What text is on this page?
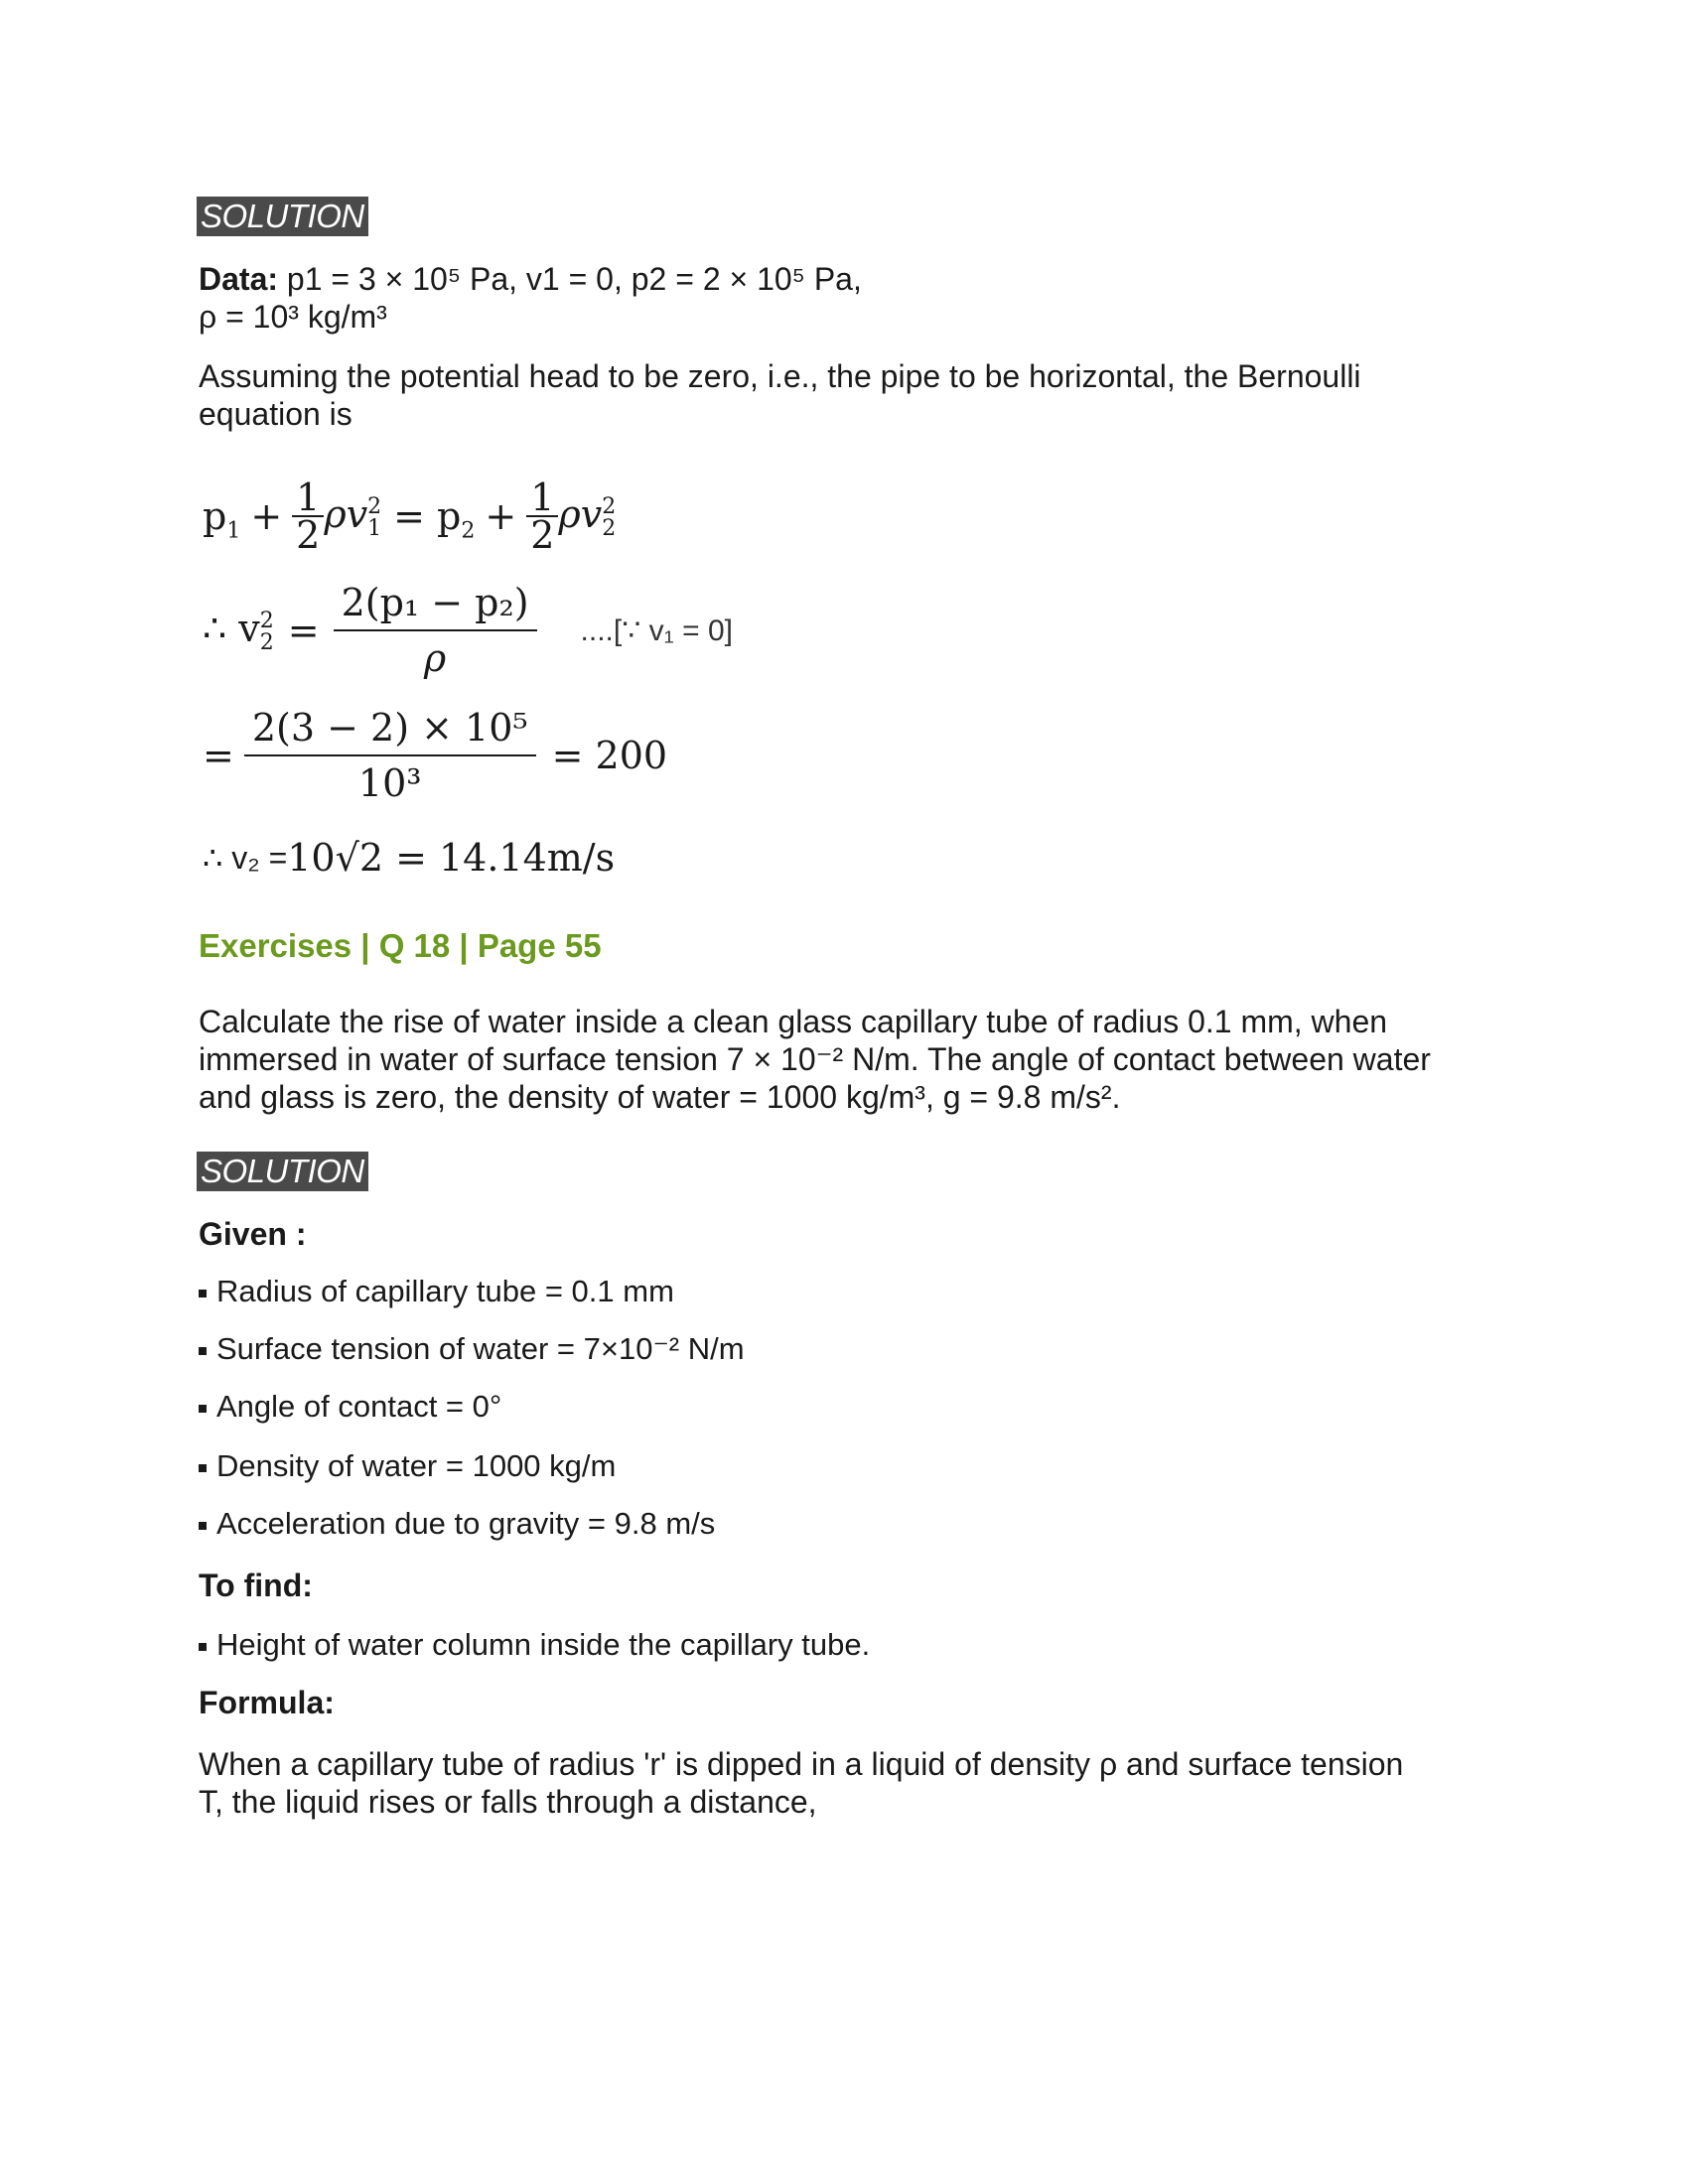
SOLUTION

Data: p1 = 3 × 10⁵ Pa, v1 = 0, p2 = 2 × 10⁵ Pa,

ρ = 10³ kg/m³

Assuming the potential head to be zero, i.e., the pipe to be horizontal, the Bernoulli

equation is

$p_1 + \frac{1}{2}$ ρv 2
$1 = p_2 + \frac{1}{2}$ ρv 2
2
∴ v 2
$2 = \frac{\text{2(p₁ − p₂)}}{\rho}$ ....[∵ v₁ = 0]
= $\frac{\text{2(3 − 2) × 10⁵}}{\text{10³}} = 200$
∴ v₂ = 10√2 = 14.14m/s

Exercises | Q 18 | Page 55

Calculate the rise of water inside a clean glass capillary tube of radius 0.1 mm, when

immersed in water of surface tension 7 × 10⁻² N/m. The angle of contact between water

and glass is zero, the density of water = 1000 kg/m³, g = 9.8 m/s².

SOLUTION

Given :

Radius of capillary tube = 0.1 mm

Surface tension of water = 7×10⁻² N/m

Angle of contact = 0°

Density of water = 1000 kg/m

Acceleration due to gravity = 9.8 m/s

To find:

Height of water column inside the capillary tube.

Formula:

When a capillary tube of radius 'r' is dipped in a liquid of density ρ and surface tension

T, the liquid rises or falls through a distance,
